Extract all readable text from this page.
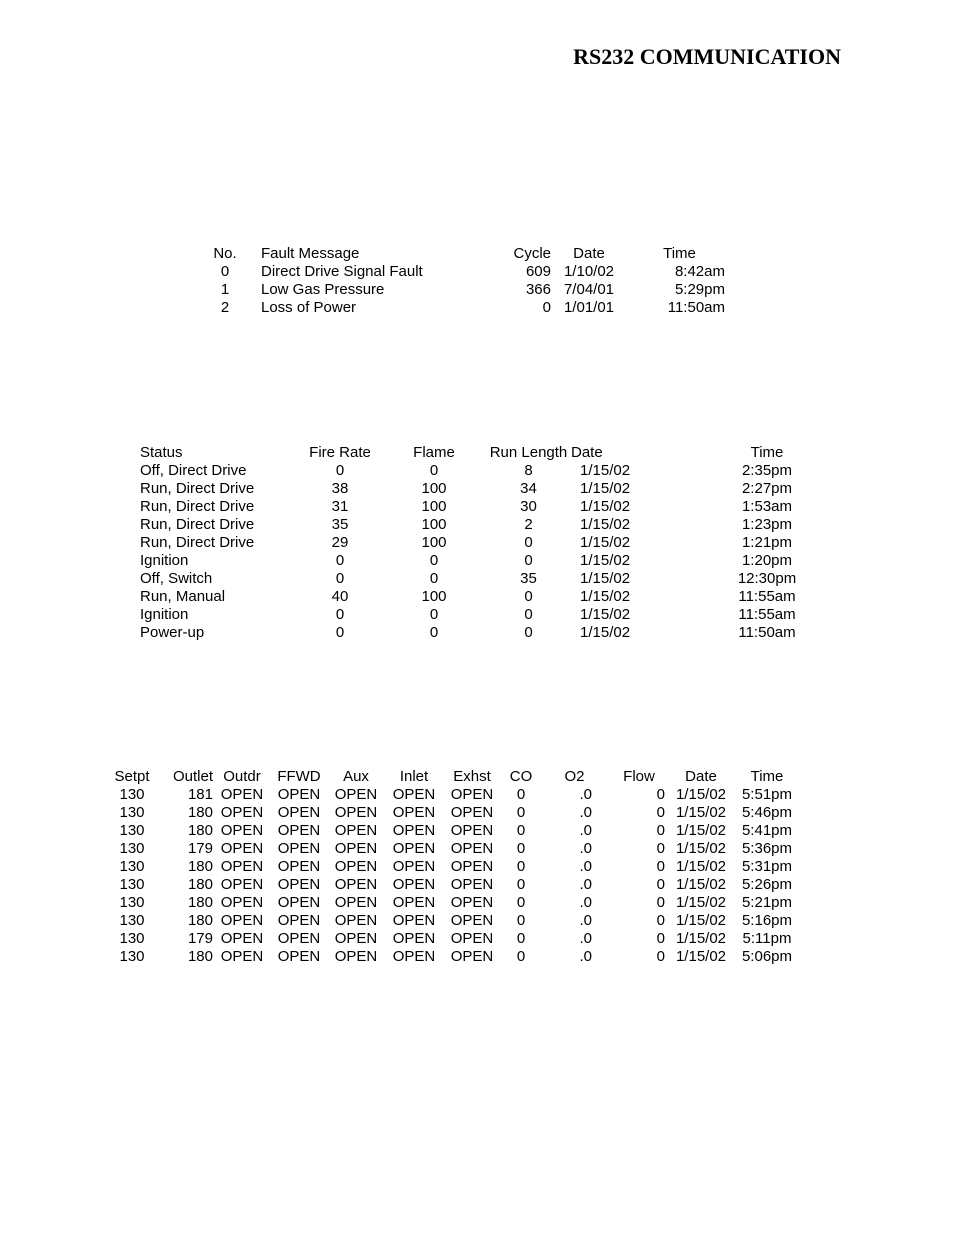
RS232 COMMUNICATION
No.		Fault Message	Cycle	Date	Time
0		Direct Drive Signal Fault	609	1/10/02	8:42am
1		Low Gas Pressure	366	7/04/01	5:29pm
2		Loss of Power	0	1/01/01	11:50am
Status	Fire Rate	Flame	Run Length	Date	Time
Off, Direct Drive	0	0	8	1/15/02	2:35pm
Run, Direct Drive	38	100	34	1/15/02	2:27pm
Run, Direct Drive	31	100	30	1/15/02	1:53am
Run, Direct Drive	35	100	2	1/15/02	1:23pm
Run, Direct Drive	29	100	0	1/15/02	1:21pm
Ignition	0	0	0	1/15/02	1:20pm
Off, Switch	0	0	35	1/15/02	12:30pm
Run, Manual	40	100	0	1/15/02	11:55am
Ignition	0	0	0	1/15/02	11:55am
Power-up	0	0	0	1/15/02	11:50am
Setpt	Outlet	Outdr	FFWD	Aux	Inlet	Exhst	CO	O2	Flow	Date	Time
130	181	OPEN	OPEN	OPEN	OPEN	OPEN	0	.0	0	1/15/02	5:51pm
130	180	OPEN	OPEN	OPEN	OPEN	OPEN	0	.0	0	1/15/02	5:46pm
130	180	OPEN	OPEN	OPEN	OPEN	OPEN	0	.0	0	1/15/02	5:41pm
130	179	OPEN	OPEN	OPEN	OPEN	OPEN	0	.0	0	1/15/02	5:36pm
130	180	OPEN	OPEN	OPEN	OPEN	OPEN	0	.0	0	1/15/02	5:31pm
130	180	OPEN	OPEN	OPEN	OPEN	OPEN	0	.0	0	1/15/02	5:26pm
130	180	OPEN	OPEN	OPEN	OPEN	OPEN	0	.0	0	1/15/02	5:21pm
130	180	OPEN	OPEN	OPEN	OPEN	OPEN	0	.0	0	1/15/02	5:16pm
130	179	OPEN	OPEN	OPEN	OPEN	OPEN	0	.0	0	1/15/02	5:11pm
130	180	OPEN	OPEN	OPEN	OPEN	OPEN	0	.0	0	1/15/02	5:06pm
